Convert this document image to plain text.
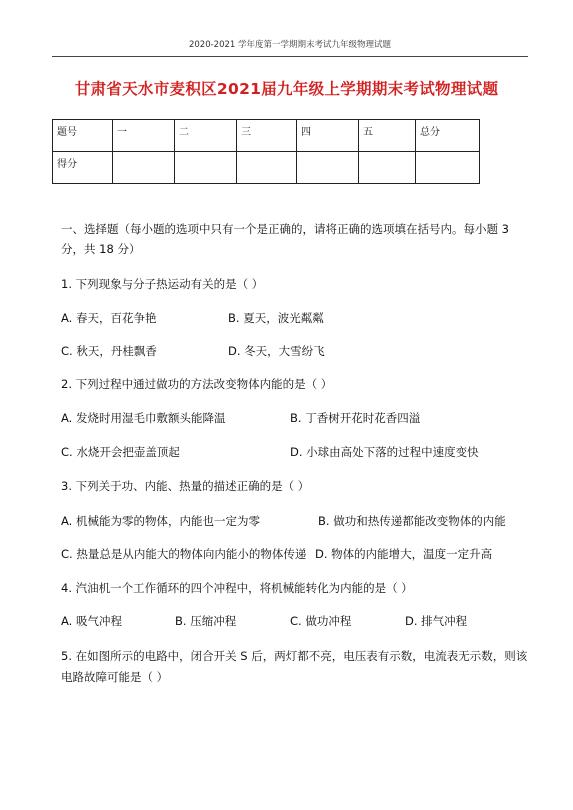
2020-2021 学年度第一学期期末考试九年级物理试题
甘肃省天水市麦积区2021届九年级上学期期末考试物理试题
题号	一	二	三	四	五	总分
得分						
一、选择题（每小题的选项中只有一个是正确的，请将正确的选项填在括号内。每小题 3 分，共 18 分）
1. 下列现象与分子热运动有关的是（ ）
A. 春天，百花争艳	B. 夏天，波光粼粼
C. 秋天，丹桂飘香	D. 冬天，大雪纷飞
2. 下列过程中通过做功的方法改变物体内能的是（ ）
A. 发烧时用湿毛巾敷额头能降温	B. 丁香树开花时花香四溢
C. 水烧开会把壶盖顶起	D. 小球由高处下落的过程中速度变快
3. 下列关于功、内能、热量的描述正确的是（ ）
A. 机械能为零的物体，内能也一定为零	B. 做功和热传递都能改变物体的内能
C. 热量总是从内能大的物体向内能小的物体传递 D. 物体的内能增大，温度一定升高
4. 汽油机一个工作循环的四个冲程中，将机械能转化为内能的是（ ）
A. 吸气冲程	B. 压缩冲程	C. 做功冲程	D. 排气冲程
5. 在如图所示的电路中，闭合开关 S 后，两灯都不亮，电压表有示数，电流表无示数，则该电路故障可能是（ ）
